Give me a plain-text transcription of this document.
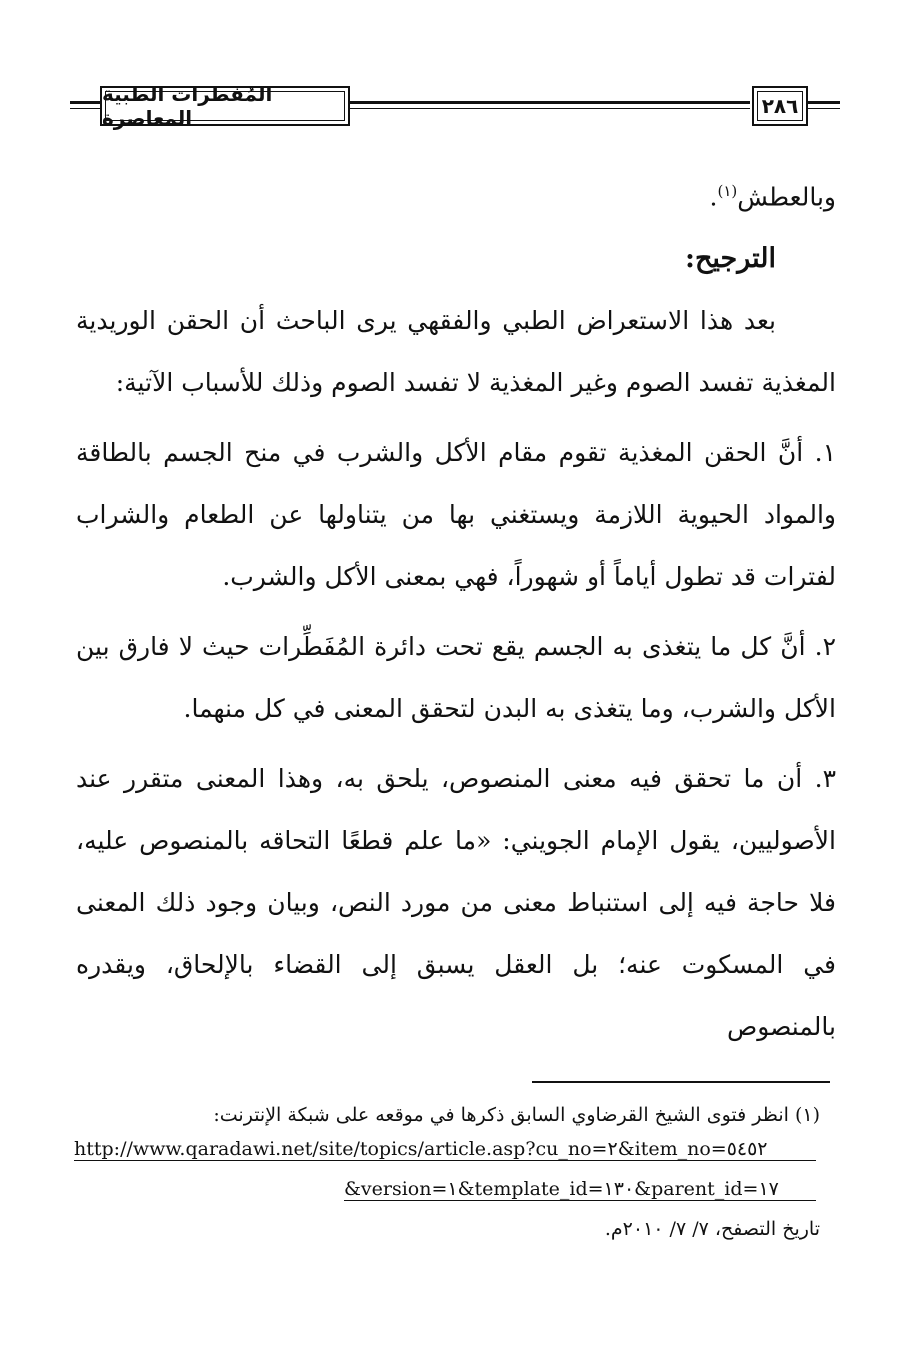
المُفطرات الطبية المعاصرة	٢٨٦

وبالعطش$^{(١)}$.

الترجيح:

بعد هذا الاستعراض الطبي والفقهي يرى الباحث أن الحقن الوريدية المغذية تفسد الصوم وغير المغذية لا تفسد الصوم وذلك للأسباب الآتية:

١. أنَّ الحقن المغذية تقوم مقام الأكل والشرب في منح الجسم بالطاقة والمواد الحيوية اللازمة ويستغني بها من يتناولها عن الطعام والشراب لفترات قد تطول أياماً أو شهوراً، فهي بمعنى الأكل والشرب.

٢. أنَّ كل ما يتغذى به الجسم يقع تحت دائرة المُفَطِّرات حيث لا فارق بين الأكل والشرب، وما يتغذى به البدن لتحقق المعنى في كل منهما.

٣. أن ما تحقق فيه معنى المنصوص، يلحق به، وهذا المعنى متقرر عند الأصوليين، يقول الإمام الجويني: «ما علم قطعًا التحاقه بالمنصوص عليه، فلا حاجة فيه إلى استنباط معنى من مورد النص، وبيان وجود ذلك المعنى في المسكوت عنه؛ بل العقل يسبق إلى القضاء بالإلحاق، ويقدره بالمنصوص

(١) انظر فتوى الشيخ القرضاوي السابق ذكرها في موقعه على شبكة الإنترنت:
http://www.qaradawi.net/site/topics/article.asp?cu_no=٢&item_no=٥٤٥٢
&version=١&template_id=١٣٠&parent_id=١٧
تاريخ التصفح، ٧/ ٧/ ٢٠١٠م.
